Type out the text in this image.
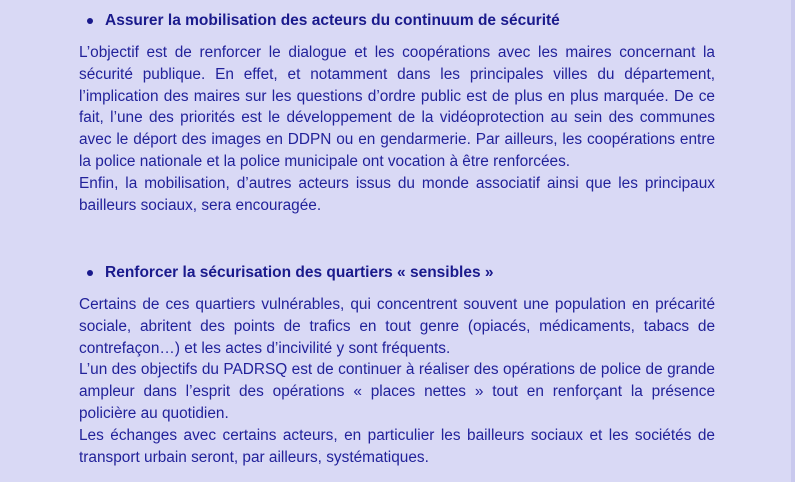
Assurer la mobilisation des acteurs du continuum de sécurité

L’objectif est de renforcer le dialogue et les coopérations avec les maires concernant la sécurité publique. En effet, et notamment dans les principales villes du département, l’implication des maires sur les questions d’ordre public est de plus en plus marquée. De ce fait, l’une des priorités est le développement de la vidéoprotection au sein des communes avec le déport des images en DDPN ou en gendarmerie. Par ailleurs, les coopérations entre la police nationale et la police municipale ont vocation à être renforcées.

Enfin, la mobilisation, d’autres acteurs issus du monde associatif ainsi que les principaux bailleurs sociaux, sera encouragée.

Renforcer la sécurisation des quartiers « sensibles »

Certains de ces quartiers vulnérables, qui concentrent souvent une population en précarité sociale, abritent des points de trafics en tout genre (opiacés, médicaments, tabacs de contrefaçon…) et les actes d’incivilité y sont fréquents.

L’un des objectifs du PADRSQ est de continuer à réaliser des opérations de police de grande ampleur dans l’esprit des opérations « places nettes » tout en renforçant la présence policière au quotidien.

Les échanges avec certains acteurs, en particulier les bailleurs sociaux et les sociétés de transport urbain seront, par ailleurs, systématiques.
